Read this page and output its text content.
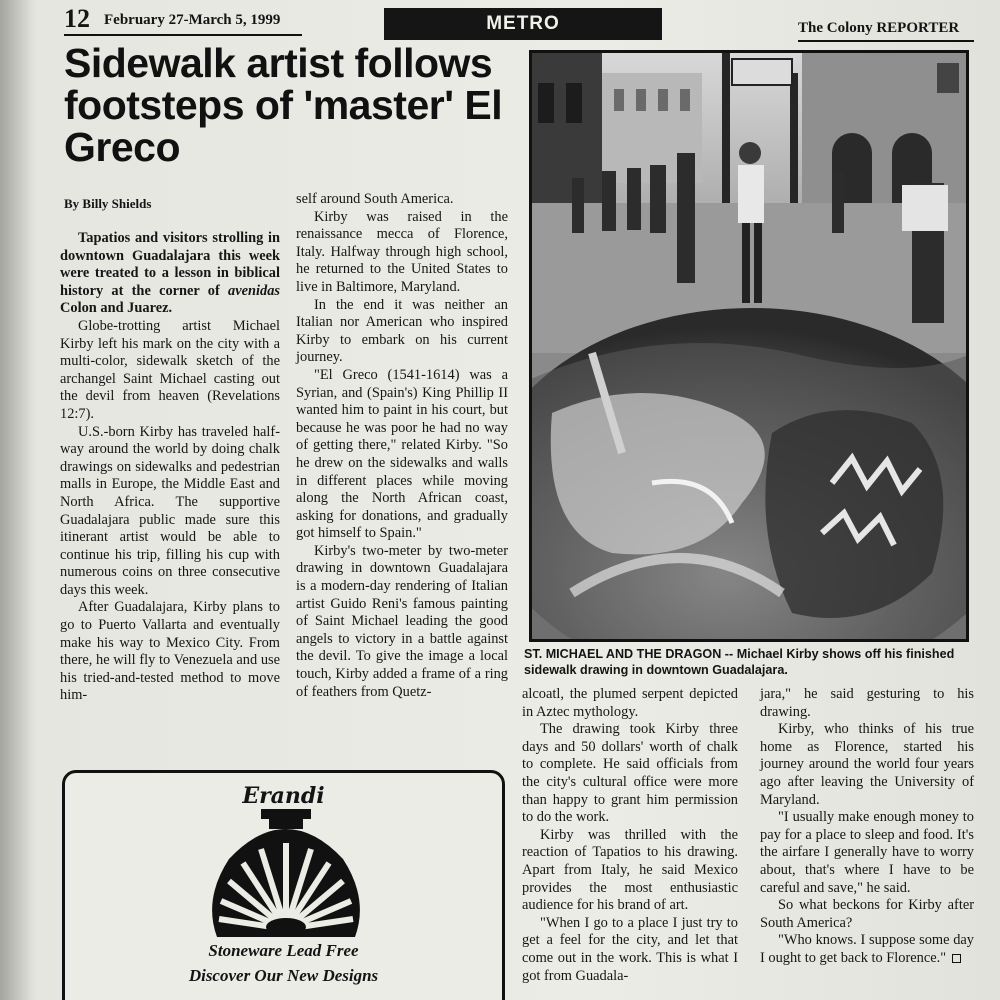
12 February 27-March 5, 1999	METRO	The Colony REPORTER
Sidewalk artist follows footsteps of 'master' El Greco
By Billy Shields

Tapatios and visitors strolling in downtown Guadalajara this week were treated to a lesson in biblical history at the corner of avenidas Colon and Juarez.

Globe-trotting artist Michael Kirby left his mark on the city with a multi-color, sidewalk sketch of the archangel Saint Michael casting out the devil from heaven (Revelations 12:7).

U.S.-born Kirby has traveled half-way around the world by doing chalk drawings on sidewalks and pedestrian malls in Europe, the Middle East and North Africa. The supportive Guadalajara public made sure this itinerant artist would be able to continue his trip, filling his cup with numerous coins on three consecutive days this week.

After Guadalajara, Kirby plans to go to Puerto Vallarta and eventually make his way to Mexico City. From there, he will fly to Venezuela and use his tried-and-tested method to move him-

self around South America.

Kirby was raised in the renaissance mecca of Florence, Italy. Halfway through high school, he returned to the United States to live in Baltimore, Maryland.

In the end it was neither an Italian nor American who inspired Kirby to embark on his current journey.

"El Greco (1541-1614) was a Syrian, and (Spain's) King Phillip II wanted him to paint in his court, but because he was poor he had no way of getting there," related Kirby. "So he drew on the sidewalks and walls in different places while moving along the North African coast, asking for donations, and gradually got himself to Spain."

Kirby's two-meter by two-meter drawing in downtown Guadalajara is a modern-day rendering of Italian artist Guido Reni's famous painting of Saint Michael leading the good angels to victory in a battle against the devil. To give the image a local touch, Kirby added a frame of a ring of feathers from Quetz-

ST. MICHAEL AND THE DRAGON -- Michael Kirby shows off his finished sidewalk drawing in downtown Guadalajara.

alcoatl, the plumed serpent depicted in Aztec mythology.

The drawing took Kirby three days and 50 dollars' worth of chalk to complete. He said officials from the city's cultural office were more than happy to grant him permission to do the work.

Kirby was thrilled with the reaction of Tapatios to his drawing. Apart from Italy, he said Mexico provides the most enthusiastic audience for his brand of art.

"When I go to a place I just try to get a feel for the city, and let that come out in the work. This is what I got from Guadala-

jara," he said gesturing to his drawing.

Kirby, who thinks of his true home as Florence, started his journey around the world four years ago after leaving the University of Maryland.

"I usually make enough money to pay for a place to sleep and food. It's the airfare I generally have to worry about, that's where I have to be careful and save," he said.

So what beckons for Kirby after South America?

"Who knows. I suppose some day I ought to get back to Florence."

Erandi
Stoneware Lead Free
Discover Our New Designs
